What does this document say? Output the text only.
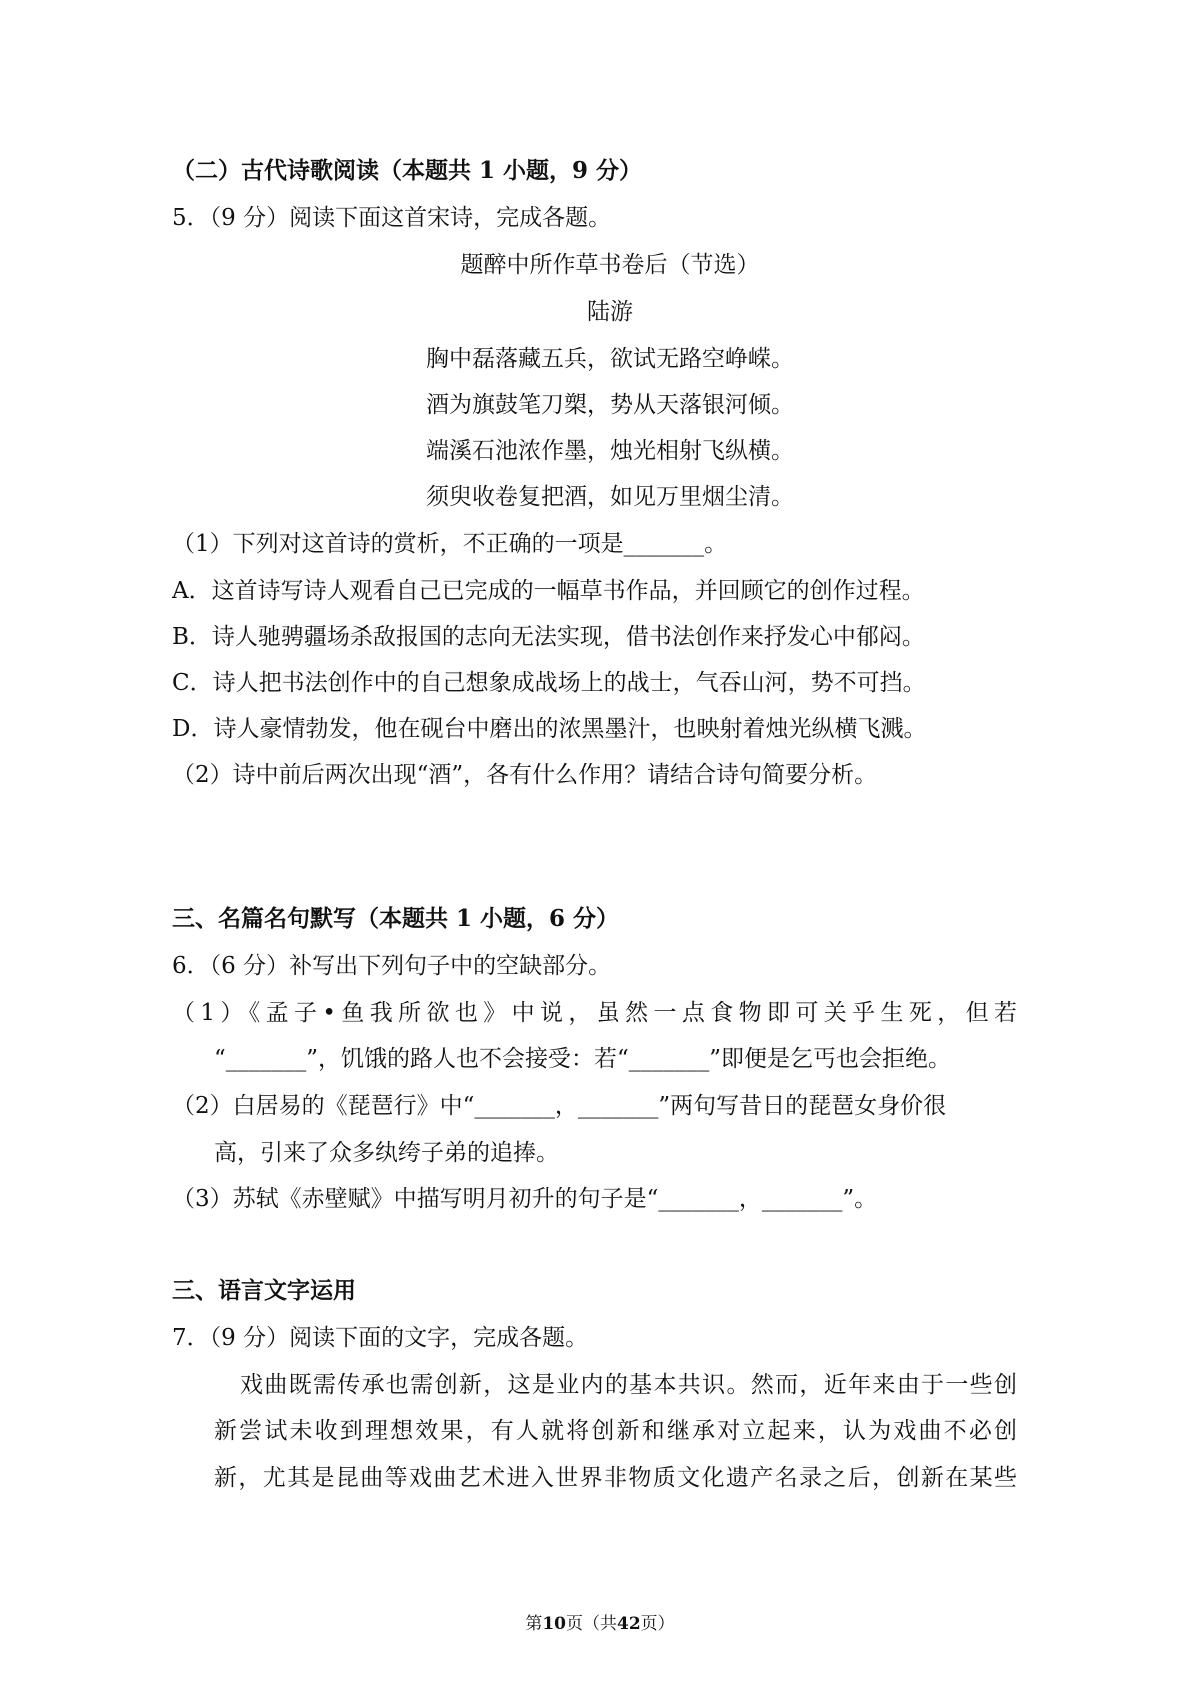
（二）古代诗歌阅读（本题共 1 小题，9 分）
5．（9 分）阅读下面这首宋诗，完成各题。
题醉中所作草书卷后（节选）
陆游
胸中磊落藏五兵，欲试无路空峥嵘。
酒为旗鼓笔刀槊，势从天落银河倾。
端溪石池浓作墨，烛光相射飞纵横。
须臾收卷复把酒，如见万里烟尘清。
（1）下列对这首诗的赏析，不正确的一项是_______。
A．这首诗写诗人观看自己已完成的一幅草书作品，并回顾它的创作过程。
B．诗人驰骋疆场杀敌报国的志向无法实现，借书法创作来抒发心中郁闷。
C．诗人把书法创作中的自己想象成战场上的战士，气吞山河，势不可挡。
D．诗人豪情勃发，他在砚台中磨出的浓黑墨汁，也映射着烛光纵横飞溅。
（2）诗中前后两次出现“酒”，各有什么作用？请结合诗句简要分析。
三、名篇名句默写（本题共 1 小题，6 分）
6．（6 分）补写出下列句子中的空缺部分。
（1）《孟子•鱼我所欲也》中说，虽然一点食物即可关乎生死，但若
“_______”，饥饿的路人也不会接受：若“_______”即便是乞丐也会拒绝。
（2）白居易的《琵琶行》中“_______，_______”两句写昔日的琵琶女身价很
高，引来了众多纨绔子弟的追捧。
（3）苏轼《赤壁赋》中描写明月初升的句子是“_______，_______”。
三、语言文字运用
7．（9 分）阅读下面的文字，完成各题。
戏曲既需传承也需创新，这是业内的基本共识。然而，近年来由于一些创
新尝试未收到理想效果，有人就将创新和继承对立起来，认为戏曲不必创
新，尤其是昆曲等戏曲艺术进入世界非物质文化遗产名录之后，创新在某些
第10页（共42页）
